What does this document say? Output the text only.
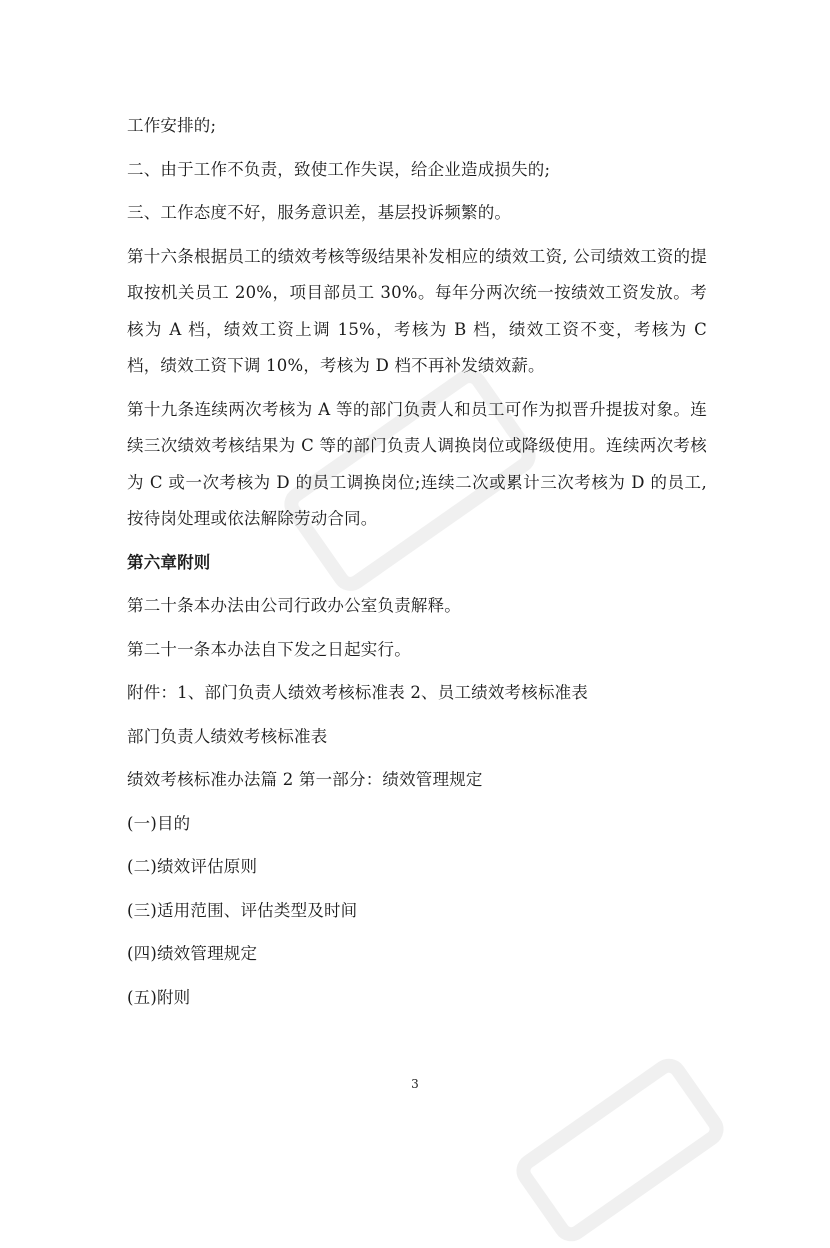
工作安排的;

二、由于工作不负责，致使工作失误，给企业造成损失的;

三、工作态度不好，服务意识差，基层投诉频繁的。

第十六条根据员工的绩效考核等级结果补发相应的绩效工资, 公司绩效工资的提取按机关员工 20%，项目部员工 30%。每年分两次统一按绩效工资发放。考核为 A 档，绩效工资上调 15%，考核为 B 档，绩效工资不变，考核为 C 档，绩效工资下调 10%，考核为 D 档不再补发绩效薪。

第十九条连续两次考核为 A 等的部门负责人和员工可作为拟晋升提拔对象。连续三次绩效考核结果为 C 等的部门负责人调换岗位或降级使用。连续两次考核为 C 或一次考核为 D 的员工调换岗位;连续二次或累计三次考核为 D 的员工, 按待岗处理或依法解除劳动合同。

第六章附则

第二十条本办法由公司行政办公室负责解释。

第二十一条本办法自下发之日起实行。

附件：1、部门负责人绩效考核标准表 2、员工绩效考核标准表

部门负责人绩效考核标准表

绩效考核标准办法篇 2 第一部分：绩效管理规定

(一)目的

(二)绩效评估原则

(三)适用范围、评估类型及时间

(四)绩效管理规定

(五)附则

3
